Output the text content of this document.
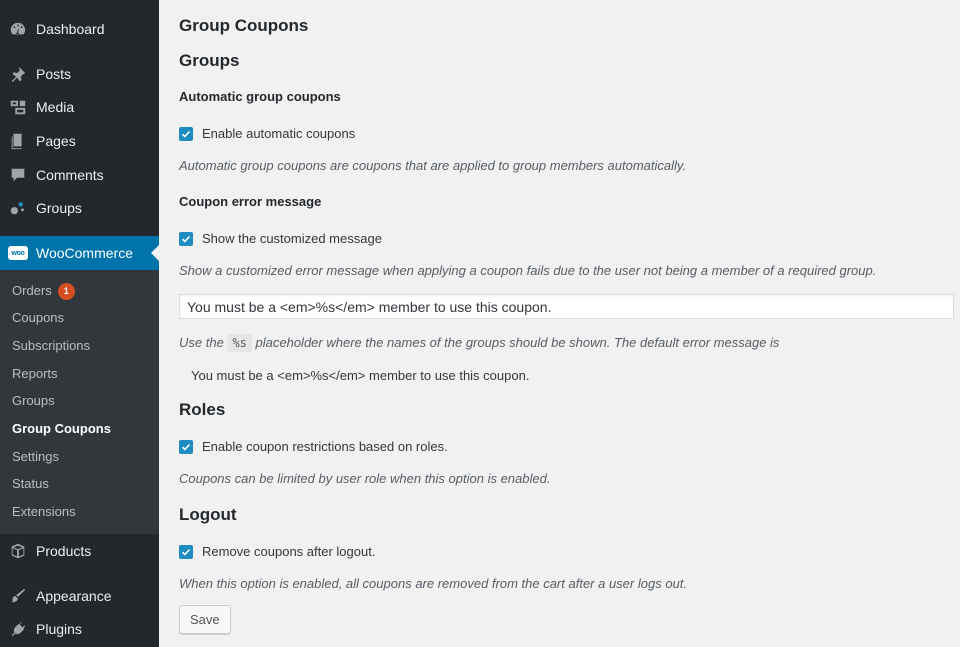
Dashboard
Posts
Media
Pages
Comments
Groups
woo WooCommerce
Orders 1
Coupons
Subscriptions
Reports
Groups
Group Coupons
Settings
Status
Extensions
Products
Appearance
Plugins
Group Coupons
Groups
Automatic group coupons
Enable automatic coupons
Automatic group coupons are coupons that are applied to group members automatically.
Coupon error message
Show the customized message
Show a customized error message when applying a coupon fails due to the user not being a member of a required group.
You must be a <em>%s</em> member to use this coupon.
Use the %s placeholder where the names of the groups should be shown. The default error message is
You must be a <em>%s</em> member to use this coupon.
Roles
Enable coupon restrictions based on roles.
Coupons can be limited by user role when this option is enabled.
Logout
Remove coupons after logout.
When this option is enabled, all coupons are removed from the cart after a user logs out.
Save
